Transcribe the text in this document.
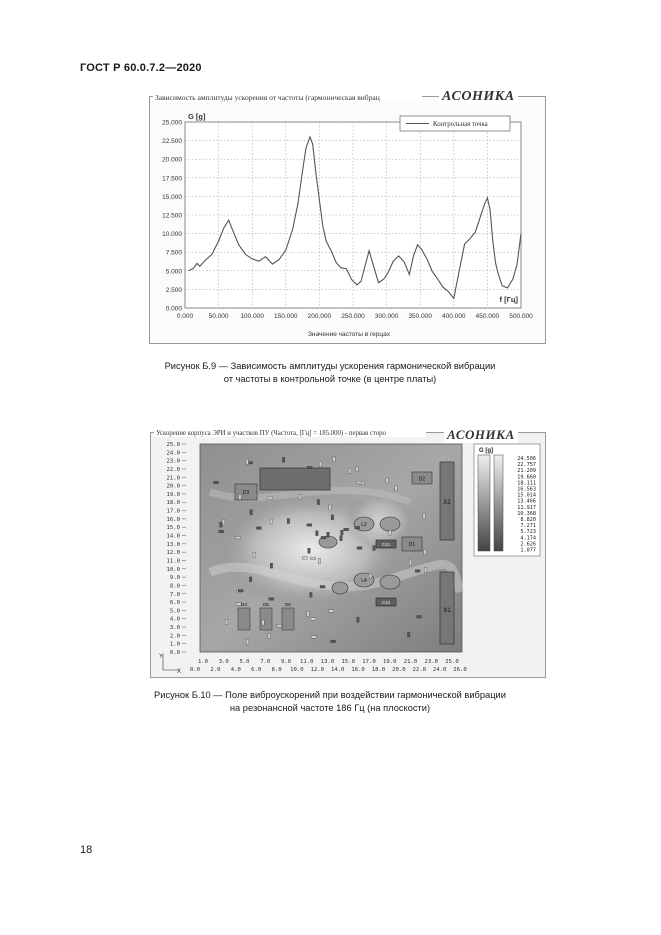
ГОСТ Р 60.0.7.2—2020
Зависимость амплитуды ускорения от частоты (гармоническая вибрац	АСОНИКА
0.000
2.500
5.000
7.500
10.000
12.500
15.000
17.500
20.000
22.500
25.000
0.000 50.000 100.000 150.000 200.000 250.000 300.000 350.000 400.000 450.000 500.000
G [g]
f [Гц]
Значение частоты в герцах
Контрольная точка
Рисунок Б.9 — Зависимость амплитуды ускорения гармонической вибрации
от частоты в контрольной точке (в центре платы)
Ускорение корпуса ЭРИ и участков ПУ (Частота, [Гц] = 185.000) - первая сторо	АСОНИКА
X2
X1
D2
D3
D1
L2
L4
C41
C42
D4	D5	D6
25.0
24.0
23.0
22.0
21.0
20.0
19.0
18.0
17.0
16.0
15.0
14.0
13.0
12.0
11.0
10.0
9.0
8.0
7.0
6.0
5.0
4.0
3.0
2.0
1.0
0.0
1.0 3.0 5.0 7.0 9.0 11.0 13.0 15.0 17.0 19.0 21.0 23.0 25.0
0.0 2.0 4.0 6.0 8.0 10.0 12.0 14.0 16.0 18.0 20.0 22.0 24.0 26.0
Y
X
G [g]
24.506
22.757
21.209
19.660
18.111
16.563
15.014
13.466
11.917
10.368
8.820
7.271
5.723
4.174
2.626
1.077
Рисунок Б.10 — Поле виброускорений при воздействии гармонической вибрации
на резонансной частоте 186 Гц (на плоскости)
18
